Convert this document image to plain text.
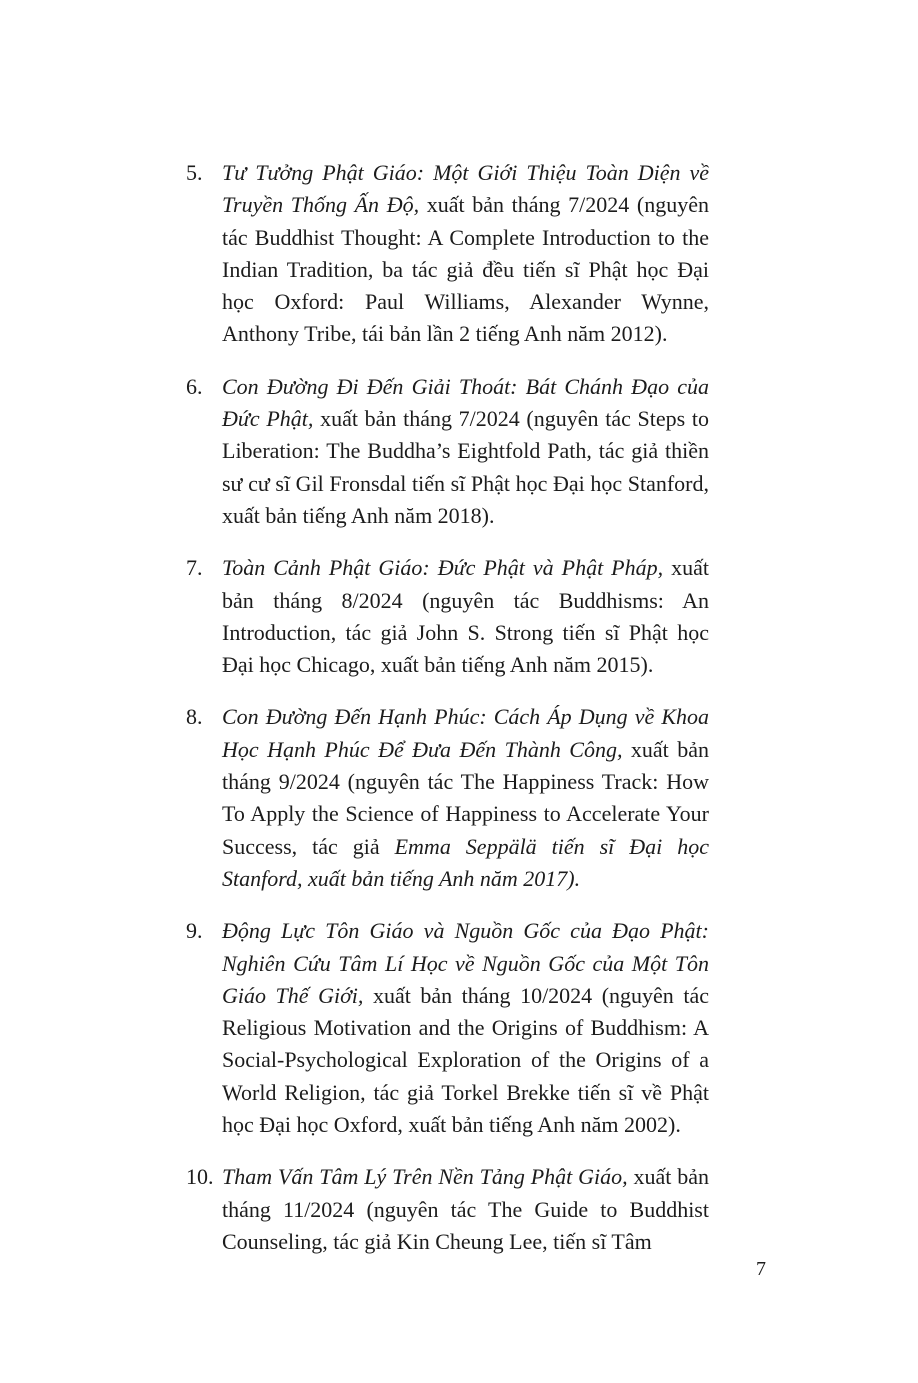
5. Tư Tưởng Phật Giáo: Một Giới Thiệu Toàn Diện về Truyền Thống Ấn Độ, xuất bản tháng 7/2024 (nguyên tác Buddhist Thought: A Complete Introduction to the Indian Tradition, ba tác giả đều tiến sĩ Phật học Đại học Oxford: Paul Williams, Alexander Wynne, Anthony Tribe, tái bản lần 2 tiếng Anh năm 2012).
6. Con Đường Đi Đến Giải Thoát: Bát Chánh Đạo của Đức Phật, xuất bản tháng 7/2024 (nguyên tác Steps to Liberation: The Buddha’s Eightfold Path, tác giả thiền sư cư sĩ Gil Fronsdal tiến sĩ Phật học Đại học Stanford, xuất bản tiếng Anh năm 2018).
7. Toàn Cảnh Phật Giáo: Đức Phật và Phật Pháp, xuất bản tháng 8/2024 (nguyên tác Buddhisms: An Introduction, tác giả John S. Strong tiến sĩ Phật học Đại học Chicago, xuất bản tiếng Anh năm 2015).
8. Con Đường Đến Hạnh Phúc: Cách Áp Dụng về Khoa Học Hạnh Phúc Để Đưa Đến Thành Công, xuất bản tháng 9/2024 (nguyên tác The Happiness Track: How To Apply the Science of Happiness to Accelerate Your Success, tác giả Emma Seppälä tiến sĩ Đại học Stanford, xuất bản tiếng Anh năm 2017).
9. Động Lực Tôn Giáo và Nguồn Gốc của Đạo Phật: Nghiên Cứu Tâm Lí Học về Nguồn Gốc của Một Tôn Giáo Thế Giới, xuất bản tháng 10/2024 (nguyên tác Religious Motivation and the Origins of Buddhism: A Social-Psychological Exploration of the Origins of a World Religion, tác giả Torkel Brekke tiến sĩ về Phật học Đại học Oxford, xuất bản tiếng Anh năm 2002).
10. Tham Vấn Tâm Lý Trên Nền Tảng Phật Giáo, xuất bản tháng 11/2024 (nguyên tác The Guide to Buddhist Counseling, tác giả Kin Cheung Lee, tiến sĩ Tâm
7
